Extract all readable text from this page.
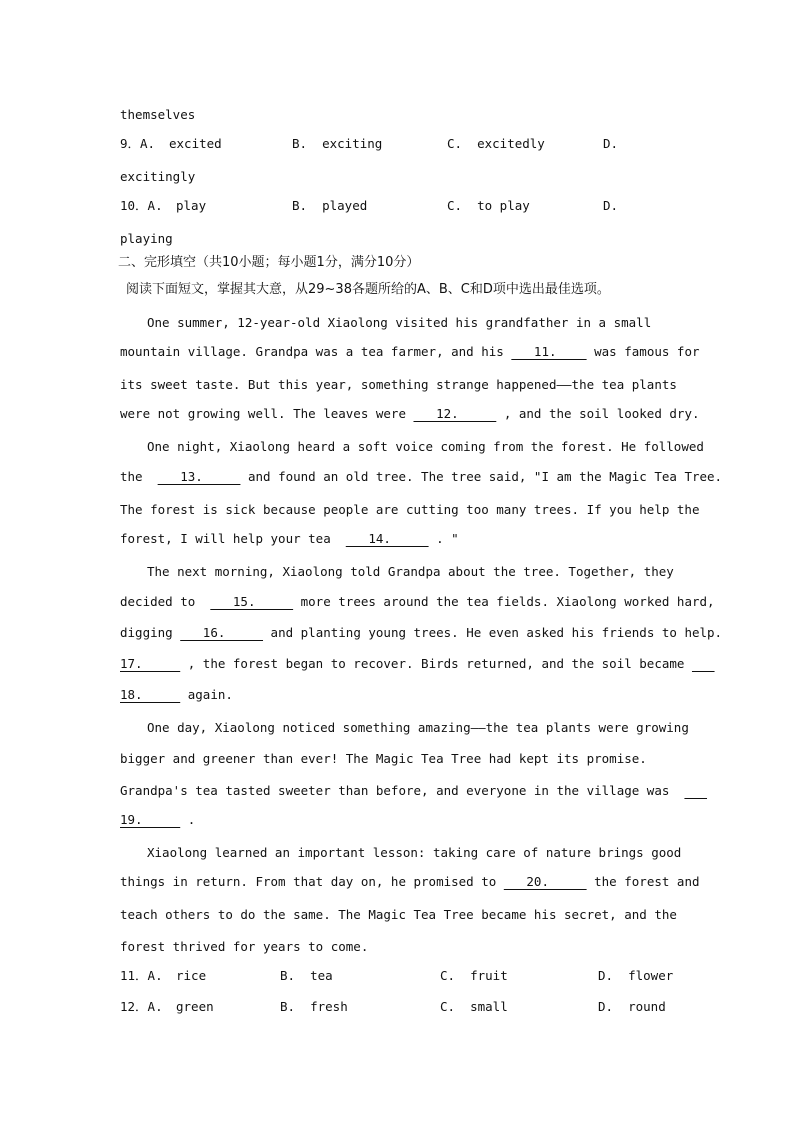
themselves
9．A. excited	B.  exciting	C.  excitedly	D.
excitingly
10．A. play	B.  played	C.  to play	D.
playing
二、完形填空（共10小题；每小题1分，满分10分）
阅读下面短文，掌握其大意，从29~38各题所给的A、B、C和D项中选出最佳选项。
One summer, 12-year-old Xiaolong visited his grandfather in a small
mountain village. Grandpa was a tea farmer, and his    11.     was famous for
its sweet taste. But this year, something strange happened——the tea plants
were not growing well. The leaves were    12.      , and the soil looked dry.
One night, Xiaolong heard a soft voice coming from the forest. He followed
the     13.      and found an old tree. The tree said, "I am the Magic Tea Tree.
The forest is sick because people are cutting too many trees. If you help the
forest, I will help your tea     14.      . "
The next morning, Xiaolong told Grandpa about the tree. Together, they
decided to     15.      more trees around the tea fields. Xiaolong worked hard,
digging    16.      and planting young trees. He even asked his friends to help.
17.      , the forest began to recover. Birds returned, and the soil became
18.      again.
One day, Xiaolong noticed something amazing——the tea plants were growing
bigger and greener than ever! The Magic Tea Tree had kept its promise.
Grandpa's tea tasted sweeter than before, and everyone in the village was
19.      .
Xiaolong learned an important lesson: taking care of nature brings good
things in return. From that day on, he promised to    20.      the forest and
teach others to do the same. The Magic Tea Tree became his secret, and the
forest thrived for years to come.
11．A. rice	B.  tea	C.  fruit	D.  flower
12．A. green	B.  fresh	C.  small	D.  round
